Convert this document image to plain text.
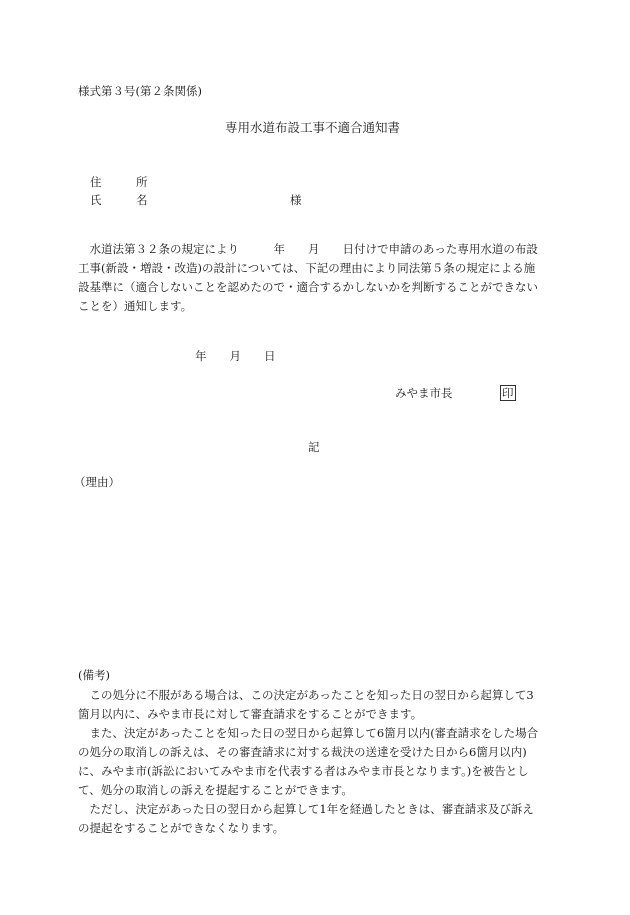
様式第３号(第２条関係)
専用水道布設工事不適合通知書
住　　　所
氏　　　名	様

　水道法第３２条の規定により　　　年　　月　　日付けで申請のあった専用水道の布設

工事(新設・増設・改造)の設計については、下記の理由により同法第５条の規定による施

設基準に（適合しないことを認めたので・適合するかしないかを判断することができない

ことを）通知します。

年　　月　　日
みやま市長	印
記
（理由）
(備考)

　この処分に不服がある場合は、この決定があったことを知った日の翌日から起算して3

箇月以内に、みやま市長に対して審査請求をすることができます。

　また、決定があったことを知った日の翌日から起算して6箇月以内(審査請求をした場合

の処分の取消しの訴えは、その審査請求に対する裁決の送達を受けた日から6箇月以内)

に、みやま市(訴訟においてみやま市を代表する者はみやま市長となります。)を被告とし

て、処分の取消しの訴えを提起することができます。

　ただし、決定があった日の翌日から起算して1年を経過したときは、審査請求及び訴え

の提起をすることができなくなります。
